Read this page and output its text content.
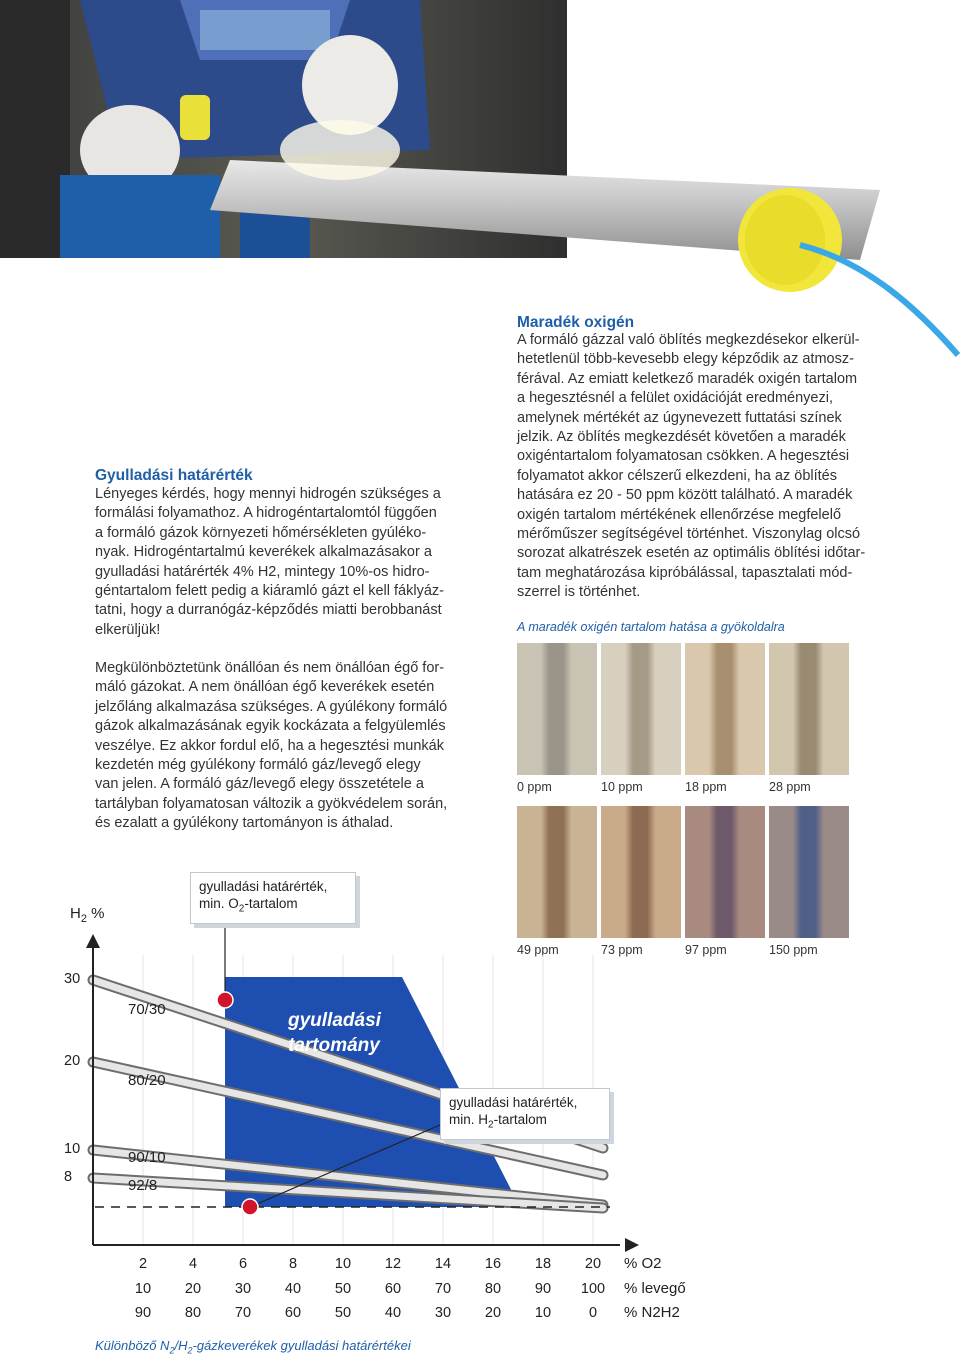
Gyulladási határérték
Lényeges kérdés, hogy mennyi hidrogén szükséges a
formálási folyamathoz. A hidrogéntartalomtól függően
a formáló gázok környezeti hőmérsékleten gyúléko-
nyak. Hidrogéntartalmú keverékek alkalmazásakor a
gyulladási határérték 4% H2, mintegy 10%-os hidro-
géntartalom felett pedig a kiáramló gázt el kell fáklyáz-
tatni, hogy a durranógáz-képződés miatti berobbanást
elkerüljük!
Megkülönböztetünk önállóan és nem önállóan égő for-
máló gázokat. A nem önállóan égő keverékek esetén
jelzőláng alkalmazása szükséges. A gyúlékony formáló
gázok alkalmazásának egyik kockázata a felgyülemlés
veszélye. Ez akkor fordul elő, ha a hegesztési munkák
kezdetén még gyúlékony formáló gáz/levegő elegy
van jelen. A formáló gáz/levegő elegy összetétele a
tartályban folyamatosan változik a gyökvédelem során,
és ezalatt a gyúlékony tartományon is áthalad.
Maradék oxigén
A formáló gázzal való öblítés megkezdésekor elkerül-
hetetlenül több-kevesebb elegy képződik az atmosz-
férával. Az emiatt keletkező maradék oxigén tartalom
a hegesztésnél a felület oxidációját eredményezi,
amelynek mértékét az úgynevezett futtatási színek
jelzik. Az öblítés megkezdését követően a maradék
oxigéntartalom folyamatosan csökken. A hegesztési
folyamatot akkor célszerű elkezdeni, ha az öblítés
hatására ez 20 - 50 ppm között található. A maradék
oxigén tartalom mértékének ellenőrzése megfelelő
mérőműszer segítségével történhet. Viszonylag olcsó
sorozat alkatrészek esetén az optimális öblítési időtar-
tam meghatározása kipróbálással, tapasztalati mód-
szerrel is történhet.
A maradék oxigén tartalom hatása a gyökoldalra
0 ppm	10 ppm	18 ppm	28 ppm
49 ppm	73 ppm	97 ppm	150 ppm
gyulladási
tartomány
$H_2$ %
30
20
10
8
70/30
80/20
90/10
92/8
gyulladási határérték,
min. $O_2$-tartalom
gyulladási határérték,
min. $H_2$-tartalom
2	4	6	8	10	12	14	16	18	20	% O2
10	20	30	40	50	60	70	80	90	100	% levegő
90	80	70	60	50	40	30	20	10	0	% N2H2
Különböző $N_2/H_2$-gázkeverékek gyulladási határértékei
